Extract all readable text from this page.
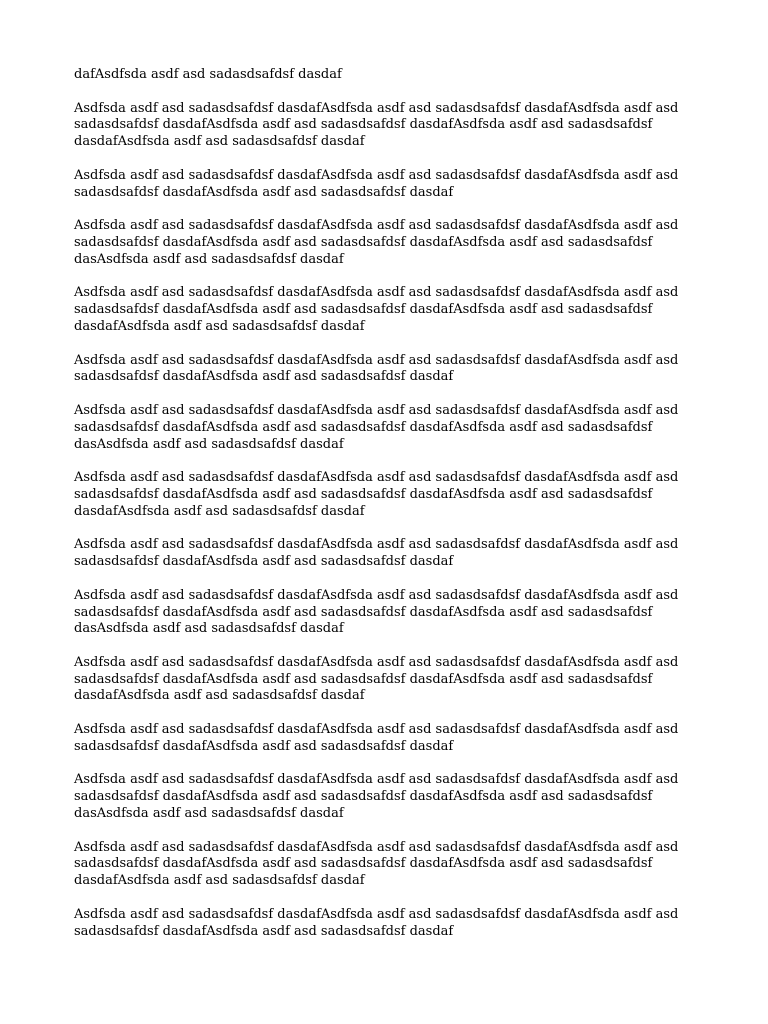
dafAsdfsda asdf asd sadasdsafdsf dasdaf

Asdfsda asdf asd sadasdsafdsf dasdafAsdfsda asdf asd sadasdsafdsf dasdafAsdfsda asdf asd sadasdsafdsf dasdafAsdfsda asdf asd sadasdsafdsf dasdafAsdfsda asdf asd sadasdsafdsf dasdafAsdfsda asdf asd sadasdsafdsf dasdaf

Asdfsda asdf asd sadasdsafdsf dasdafAsdfsda asdf asd sadasdsafdsf dasdafAsdfsda asdf asd sadasdsafdsf dasdafAsdfsda asdf asd sadasdsafdsf dasdaf

Asdfsda asdf asd sadasdsafdsf dasdafAsdfsda asdf asd sadasdsafdsf dasdafAsdfsda asdf asd sadasdsafdsf dasdafAsdfsda asdf asd sadasdsafdsf dasdafAsdfsda asdf asd sadasdsafdsf dasAsdfsda asdf asd sadasdsafdsf dasdaf

Asdfsda asdf asd sadasdsafdsf dasdafAsdfsda asdf asd sadasdsafdsf dasdafAsdfsda asdf asd sadasdsafdsf dasdafAsdfsda asdf asd sadasdsafdsf dasdafAsdfsda asdf asd sadasdsafdsf dasdafAsdfsda asdf asd sadasdsafdsf dasdaf

Asdfsda asdf asd sadasdsafdsf dasdafAsdfsda asdf asd sadasdsafdsf dasdafAsdfsda asdf asd sadasdsafdsf dasdafAsdfsda asdf asd sadasdsafdsf dasdaf

Asdfsda asdf asd sadasdsafdsf dasdafAsdfsda asdf asd sadasdsafdsf dasdafAsdfsda asdf asd sadasdsafdsf dasdafAsdfsda asdf asd sadasdsafdsf dasdafAsdfsda asdf asd sadasdsafdsf dasAsdfsda asdf asd sadasdsafdsf dasdaf

Asdfsda asdf asd sadasdsafdsf dasdafAsdfsda asdf asd sadasdsafdsf dasdafAsdfsda asdf asd sadasdsafdsf dasdafAsdfsda asdf asd sadasdsafdsf dasdafAsdfsda asdf asd sadasdsafdsf dasdafAsdfsda asdf asd sadasdsafdsf dasdaf

Asdfsda asdf asd sadasdsafdsf dasdafAsdfsda asdf asd sadasdsafdsf dasdafAsdfsda asdf asd sadasdsafdsf dasdafAsdfsda asdf asd sadasdsafdsf dasdaf

Asdfsda asdf asd sadasdsafdsf dasdafAsdfsda asdf asd sadasdsafdsf dasdafAsdfsda asdf asd sadasdsafdsf dasdafAsdfsda asdf asd sadasdsafdsf dasdafAsdfsda asdf asd sadasdsafdsf dasAsdfsda asdf asd sadasdsafdsf dasdaf

Asdfsda asdf asd sadasdsafdsf dasdafAsdfsda asdf asd sadasdsafdsf dasdafAsdfsda asdf asd sadasdsafdsf dasdafAsdfsda asdf asd sadasdsafdsf dasdafAsdfsda asdf asd sadasdsafdsf dasdafAsdfsda asdf asd sadasdsafdsf dasdaf

Asdfsda asdf asd sadasdsafdsf dasdafAsdfsda asdf asd sadasdsafdsf dasdafAsdfsda asdf asd sadasdsafdsf dasdafAsdfsda asdf asd sadasdsafdsf dasdaf

Asdfsda asdf asd sadasdsafdsf dasdafAsdfsda asdf asd sadasdsafdsf dasdafAsdfsda asdf asd sadasdsafdsf dasdafAsdfsda asdf asd sadasdsafdsf dasdafAsdfsda asdf asd sadasdsafdsf dasAsdfsda asdf asd sadasdsafdsf dasdaf

Asdfsda asdf asd sadasdsafdsf dasdafAsdfsda asdf asd sadasdsafdsf dasdafAsdfsda asdf asd sadasdsafdsf dasdafAsdfsda asdf asd sadasdsafdsf dasdafAsdfsda asdf asd sadasdsafdsf dasdafAsdfsda asdf asd sadasdsafdsf dasdaf

Asdfsda asdf asd sadasdsafdsf dasdafAsdfsda asdf asd sadasdsafdsf dasdafAsdfsda asdf asd sadasdsafdsf dasdafAsdfsda asdf asd sadasdsafdsf dasdaf
